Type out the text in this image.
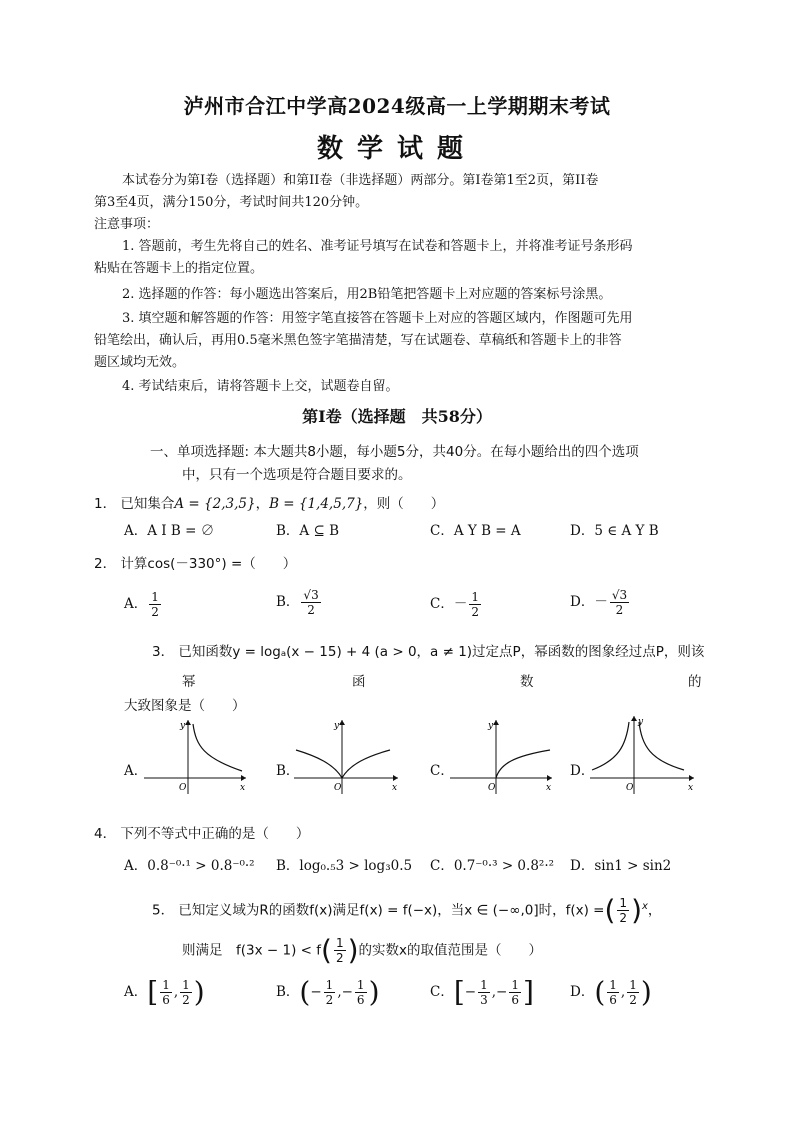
泸州市合江中学高2024级高一上学期期末考试
数学试题
本试卷分为第I卷（选择题）和第II卷（非选择题）两部分。第I卷第1至2页，第II卷
第3至4页，满分150分，考试时间共120分钟。
注意事项：
1. 答题前，考生先将自己的姓名、准考证号填写在试卷和答题卡上，并将准考证号条形码
粘贴在答题卡上的指定位置。
2. 选择题的作答：每小题选出答案后，用2B铅笔把答题卡上对应题的答案标号涂黑。
3. 填空题和解答题的作答：用签字笔直接答在答题卡上对应的答题区域内，作图题可先用
铅笔绘出，确认后，再用0.5毫米黑色签字笔描清楚，写在试题卷、草稿纸和答题卡上的非答
题区域均无效。
4. 考试结束后，请将答题卡上交，试题卷自留。
第I卷（选择题　共58分）
一、单项选择题: 本大题共8小题，每小题5分，共40分。在每小题给出的四个选项
中，只有一个选项是符合题目要求的。
1． 已知集合A = {2,3,5}，B = {1,4,5,7}，则（　　）
A．A I B = ∅	B．A ⊆ B	C．A Y B = A	D．5 ∈ A Y B
2． 计算cos(－330°) =（　　）
A． $\frac{1}{2}$	B． $\frac{√3}{2}$	C．－ $\frac{1}{2}$	D．－ $\frac{√3}{2}$
3． 已知函数y = logₐ(x − 15) + 4 (a > 0，a ≠ 1)过定点P，幂函数的图象经过点P，则该
幂	函	数	的
大致图象是（　　）
A．	B．	C．	D．
y
x
O
y
x
O
y
x
O
y
x
O
4． 下列不等式中正确的是（　　）
A．0.8⁻⁰·¹ > 0.8⁻⁰·² B．log₀.₅3 > log₃0.5 C．0.7⁻⁰·³ > 0.8²·² D．sin1 > sin2
5． 已知定义域为R的函数f(x)满足f(x) = f(−x)，当x ∈ (−∞,0]时，f(x) =( $\frac{1}{2} )^x$，
则满足　$f(3x - 1) < f( \frac{1}{2}$ )的实数x的取值范围是（　　）
A．[ $\frac{1}{6}$ , $\frac{1}{2}$ )	B．(− $\frac{1}{2}$ ,− $\frac{1}{6}$ )	C．[− $\frac{1}{3}$ ,− $\frac{1}{6}$ ]	D．( $\frac{1}{6}$ , $\frac{1}{2}$ )
